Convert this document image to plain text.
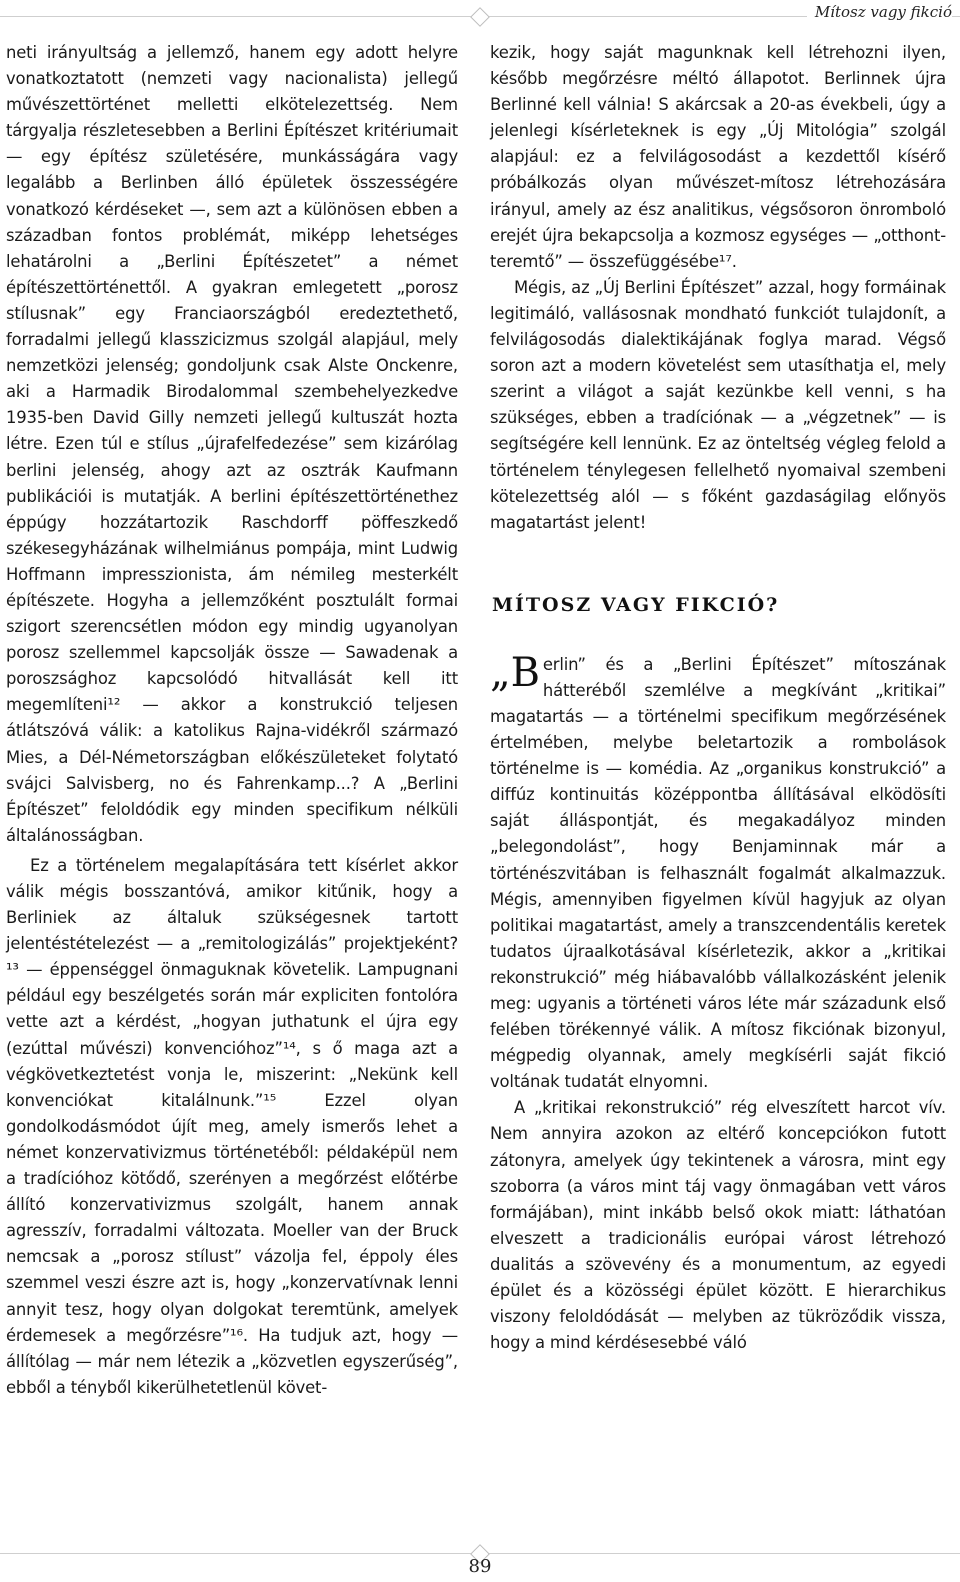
Mítosz vagy fikció

neti irányultság a jellemző, hanem egy adott helyre vonatkoztatott (nemzeti vagy nacionalista) jellegű művészettörténet melletti elkötelezettség. Nem tárgyalja részletesebben a Berlini Építészet kritériumait — egy építész születésére, munkásságára vagy legalább a Berlinben álló épületek összességére vonatkozó kérdéseket —, sem azt a különösen ebben a században fontos problémát, miképp lehetséges lehatárolni a „Berlini Építészetet” a német építészettörténettől. A gyakran emlegetett „porosz stílusnak” egy Franciaországból eredeztethető, forradalmi jellegű klasszicizmus szolgál alapjául, mely nemzetközi jelenség; gondoljunk csak Alste Onckenre, aki a Harmadik Birodalommal szembehelyezkedve 1935-ben David Gilly nemzeti jellegű kultuszát hozta létre. Ezen túl e stílus „újrafelfedezése” sem kizárólag berlini jelenség, ahogy azt az osztrák Kaufmann publikációi is mutatják. A berlini építészettörténethez éppúgy hozzátartozik Raschdorff pöffeszkedő székesegyházának wilhelmiánus pompája, mint Ludwig Hoffmann impresszionista, ám némileg mesterkélt építészete. Hogyha a jellemzőként posztulált formai szigort szerencsétlen módon egy mindig ugyanolyan porosz szellemmel kapcsolják össze — Sawadenak a poroszsághoz kapcsolódó hitvallását kell itt megemlíteni¹² — akkor a konstrukció teljesen átlátszóvá válik: a katolikus Rajna-vidékről származó Mies, a Dél-Németországban előkészületeket folytató svájci Salvisberg, no és Fahrenkamp...? A „Berlini Építészet” feloldódik egy minden specifikum nélküli általánosságban.

Ez a történelem megalapítására tett kísérlet akkor válik mégis bosszantóvá, amikor kitűnik, hogy a Berliniek az általuk szükségesnek tartott jelentéstételezést — a „remitologizálás” projektjeként?¹³ — éppenséggel önmaguknak követelik. Lampugnani például egy beszélgetés során már expliciten fontolóra vette azt a kérdést, „hogyan juthatunk el újra egy (ezúttal művészi) konvencióhoz”¹⁴, s ő maga azt a végkövetkeztetést vonja le, miszerint: „Nekünk kell konvenciókat kitalálnunk.”¹⁵ Ezzel olyan gondolkodásmódot újít meg, amely ismerős lehet a német konzervativizmus történetéből: példaképül nem a tradícióhoz kötődő, szerényen a megőrzést előtérbe állító konzervativizmus szolgált, hanem annak agresszív, forradalmi változata. Moeller van der Bruck nemcsak a „porosz stílust” vázolja fel, éppoly éles szemmel veszi észre azt is, hogy „konzervatívnak lenni annyit tesz, hogy olyan dolgokat teremtünk, amelyek érdemesek a megőrzésre”¹⁶. Ha tudjuk azt, hogy — állítólag — már nem létezik a „közvetlen egyszerűség”, ebből a tényből kikerülhetetlenül követ-

kezik, hogy saját magunknak kell létrehozni ilyen, később megőrzésre méltó állapotot. Berlinnek újra Berlinné kell válnia! S akárcsak a 20-as évekbeli, úgy a jelenlegi kísérleteknek is egy „Új Mitológia” szolgál alapjául: ez a felvilágosodást a kezdettől kísérő próbálkozás olyan művészet-mítosz létrehozására irányul, amely az ész analitikus, végsősoron önromboló erejét újra bekapcsolja a kozmosz egységes — „otthont-teremtő” — összefüggésébe¹⁷.

Mégis, az „Új Berlini Építészet” azzal, hogy formáinak legitimáló, vallásosnak mondható funkciót tulajdonít, a felvilágosodás dialektikájának foglya marad. Végső soron azt a modern követelést sem utasíthatja el, mely szerint a világot a saját kezünkbe kell venni, s ha szükséges, ebben a tradíciónak — a „végzetnek” — is segítségére kell lennünk. Ez az önteltség végleg felold a történelem ténylegesen fellelhető nyomaival szembeni kötelezettség alól — s főként gazdaságilag előnyös magatartást jelent!

MÍTOSZ VAGY FIKCIÓ?

„Berlin” és a „Berlini Építészet” mítoszának hátteréből szemlélve a megkívánt „kritikai” magatartás — a történelmi specifikum megőrzésének értelmében, melybe beletartozik a rombolások történelme is — komédia. Az „organikus konstrukció” a diffúz kontinuitás középpontba állításával elködösíti saját álláspontját, és megakadályoz minden „belegondolást”, hogy Benjaminnak már a történészvitában is felhasznált fogalmát alkalmazzuk. Mégis, amennyiben figyelmen kívül hagyjuk az olyan politikai magatartást, amely a transzcendentális keretek tudatos újraalkotásával kísérletezik, akkor a „kritikai rekonstrukció” még hiábavalóbb vállalkozásként jelenik meg: ugyanis a történeti város léte már századunk első felében törékennyé válik. A mítosz fikciónak bizonyul, mégpedig olyannak, amely megkísérli saját fikció voltának tudatát elnyomni.

A „kritikai rekonstrukció” rég elveszített harcot vív. Nem annyira azokon az eltérő koncepciókon futott zátonyra, amelyek úgy tekintenek a városra, mint egy szoborra (a város mint táj vagy önmagában vett város formájában), mint inkább belső okok miatt: láthatóan elveszett a tradicionális európai várost létrehozó dualitás a szövevény és a monumentum, az egyedi épület és a közösségi épület között. E hierarchikus viszony feloldódását — melyben az tükröződik vissza, hogy a mind kérdésesebbé váló

89
